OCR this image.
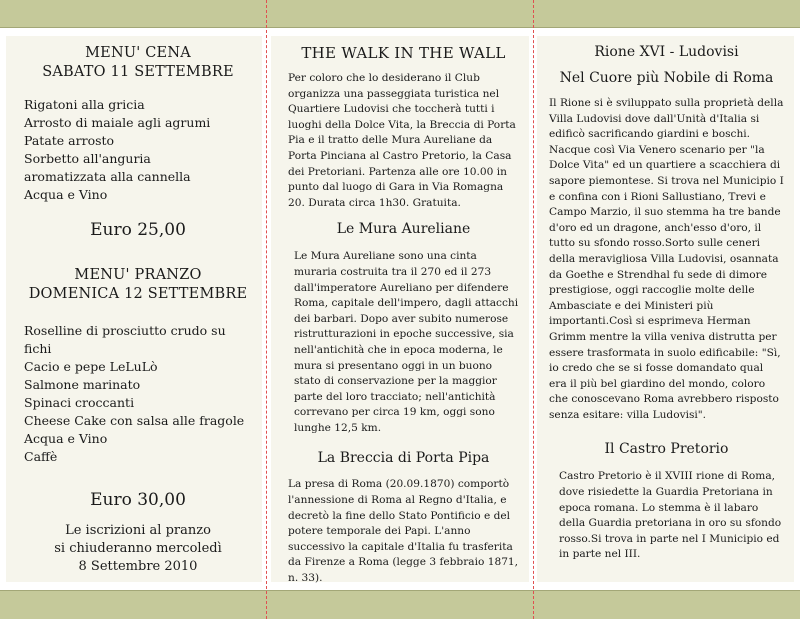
MENU' CENA
SABATO 11 SETTEMBRE
Rigatoni alla gricia
Arrosto di maiale agli agrumi
Patate arrosto
Sorbetto all'anguria
aromatizzata alla cannella
Acqua e Vino
Euro 25,00
MENU' PRANZO
DOMENICA 12 SETTEMBRE
Roselline di prosciutto crudo su fichi
Cacio e pepe LeLuLò
Salmone marinato
Spinaci croccanti
Cheese Cake con salsa alle fragole
Acqua e Vino
Caffè
Euro 30,00
Le iscrizioni al pranzo
si chiuderanno mercoledì
8 Settembre 2010
THE WALK IN THE WALL

Per coloro che lo desiderano il Club organizza una passeggiata turistica nel Quartiere Ludovisi che toccherà tutti i luoghi della Dolce Vita, la Breccia di Porta Pia e il tratto delle Mura Aureliane da Porta Pinciana al Castro Pretorio, la Casa dei Pretoriani. Partenza alle ore 10.00 in punto dal luogo di Gara in Via Romagna 20. Durata circa 1h30. Gratuita.

Le Mura Aureliane

Le Mura Aureliane sono una cinta muraria costruita tra il 270 ed il 273 dall'imperatore Aureliano per difendere Roma, capitale dell'impero, dagli attacchi dei barbari. Dopo aver subito numerose ristrutturazioni in epoche successive, sia nell'antichità che in epoca moderna, le mura si presentano oggi in un buono stato di conservazione per la maggior parte del loro tracciato; nell'antichità correvano per circa 19 km, oggi sono lunghe 12,5 km.

La Breccia di Porta Pipa

La presa di Roma (20.09.1870) comportò l'annessione di Roma al Regno d'Italia, e decretò la fine dello Stato Pontificio e del potere temporale dei Papi. L'anno successivo la capitale d'Italia fu trasferita da Firenze a Roma (legge 3 febbraio 1871, n. 33).

Rione XVI - Ludovisi
Nel Cuore più Nobile di Roma

Il Rione si è sviluppato sulla proprietà della Villa Ludovisi dove dall'Unità d'Italia si edificò sacrificando giardini e boschi. Nacque così Via Venero scenario per "la Dolce Vita" ed un quartiere a scacchiera di sapore piemontese. Si trova nel Municipio I e confina con i Rioni Sallustiano, Trevi e Campo Marzio, il suo stemma ha tre bande d'oro ed un dragone, anch'esso d'oro, il tutto su sfondo rosso.Sorto sulle ceneri della meravigliosa Villa Ludovisi, osannata da Goethe e Strendhal fu sede di dimore prestigiose, oggi raccoglie molte delle Ambasciate e dei Ministeri più importanti.Così si esprimeva Herman Grimm mentre la villa veniva distrutta per essere trasformata in suolo edificabile: "Sì, io credo che se si fosse domandato qual era il più bel giardino del mondo, coloro che conoscevano Roma avrebbero risposto senza esitare: villa Ludovisi".

Il Castro Pretorio

Castro Pretorio è il XVIII rione di Roma, dove risiedette la Guardia Pretoriana in epoca romana. Lo stemma è il labaro della Guardia pretoriana in oro su sfondo rosso.Si trova in parte nel I Municipio ed in parte nel III.
